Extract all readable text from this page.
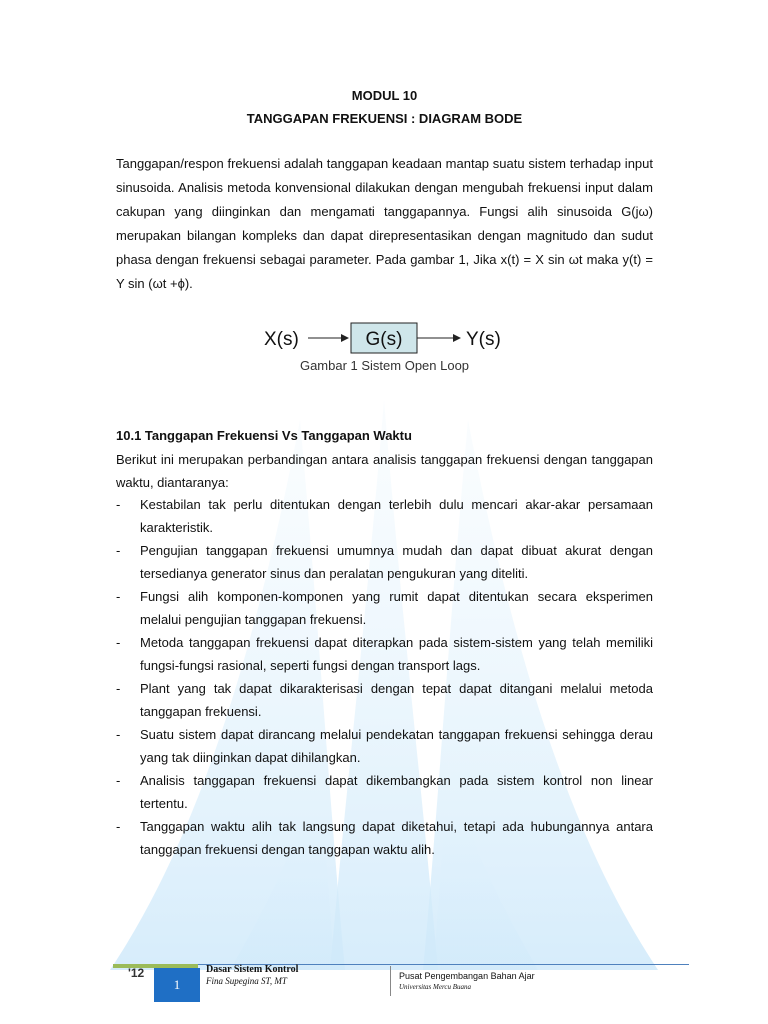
MODUL 10
TANGGAPAN FREKUENSI : DIAGRAM BODE

Tanggapan/respon frekuensi adalah tanggapan keadaan mantap suatu sistem terhadap input sinusoida. Analisis metoda konvensional dilakukan dengan mengubah frekuensi input dalam cakupan yang diinginkan dan mengamati tanggapannya. Fungsi alih sinusoida G(jω) merupakan bilangan kompleks dan dapat direpresentasikan dengan magnitudo dan sudut phasa dengan frekuensi sebagai parameter. Pada gambar 1, Jika x(t) = X sin ωt maka y(t) = Y sin (ωt +ϕ).

X(s)	G(s)	Y(s)
Gambar 1 Sistem Open Loop
10.1 Tanggapan Frekuensi Vs Tanggapan Waktu

Berikut ini merupakan perbandingan antara analisis tanggapan frekuensi dengan tanggapan waktu, diantaranya:

- Kestabilan tak perlu ditentukan dengan terlebih dulu mencari akar-akar persamaan karakteristik.
- Pengujian tanggapan frekuensi umumnya mudah dan dapat dibuat akurat dengan tersedianya generator sinus dan peralatan pengukuran yang diteliti.
- Fungsi alih komponen-komponen yang rumit dapat ditentukan secara eksperimen melalui pengujian tanggapan frekuensi.
- Metoda tanggapan frekuensi dapat diterapkan pada sistem-sistem yang telah memiliki fungsi-fungsi rasional, seperti fungsi dengan transport lags.
- Plant yang tak dapat dikarakterisasi dengan tepat dapat ditangani melalui metoda tanggapan frekuensi.
- Suatu sistem dapat dirancang melalui pendekatan tanggapan frekuensi sehingga derau yang tak diinginkan dapat dihilangkan.
- Analisis tanggapan frekuensi dapat dikembangkan pada sistem kontrol non linear tertentu.
- Tanggapan waktu alih tak langsung dapat diketahui, tetapi ada hubungannya antara tanggapan frekuensi dengan tanggapan waktu alih.
'12
1
Dasar Sistem Kontrol
Fina Supegina ST, MT	Pusat Pengembangan Bahan Ajar
Universitas Mercu Buana
